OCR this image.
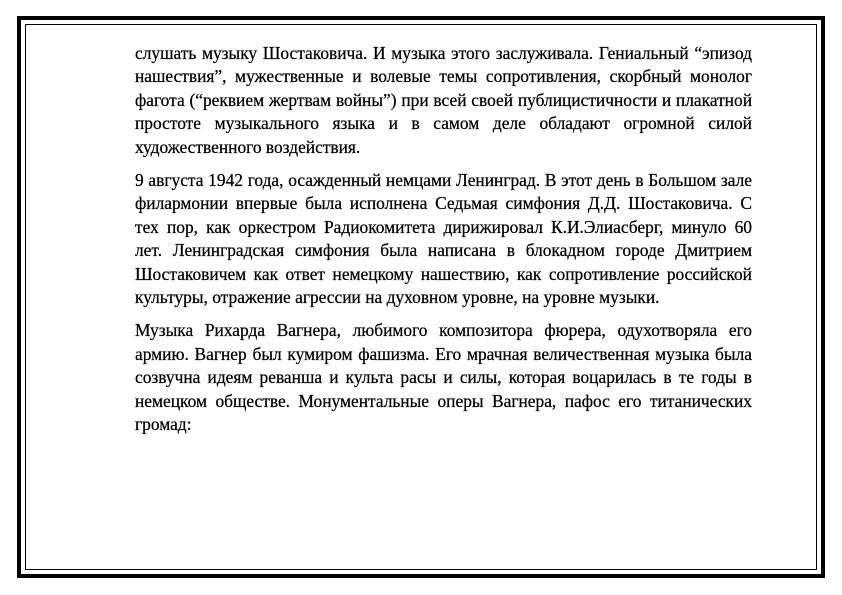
слушать музыку Шостаковича. И музыка этого заслуживала. Гениальный “эпизод нашествия”, мужественные и волевые темы сопротивления, скорбный монолог фагота (“реквием жертвам войны”) при всей своей публицистичности и плакатной простоте музыкального языка и в самом деле обладают огромной силой художественного воздействия.

9 августа 1942 года, осажденный немцами Ленинград. В этот день в Большом зале филармонии впервые была исполнена Седьмая симфония Д.Д. Шостаковича. С тех пор, как оркестром Радиокомитета дирижировал К.И.Элиасберг, минуло 60 лет. Ленинградская симфония была написана в блокадном городе Дмитрием Шостаковичем как ответ немецкому нашествию, как сопротивление российской культуры, отражение агрессии на духовном уровне, на уровне музыки.

Музыка Рихарда Вагнера, любимого композитора фюрера, одухотворяла его армию. Вагнер был кумиром фашизма. Его мрачная величественная музыка была созвучна идеям реванша и культа расы и силы, которая воцарилась в те годы в немецком обществе. Монументальные оперы Вагнера, пафос его титанических громад:
